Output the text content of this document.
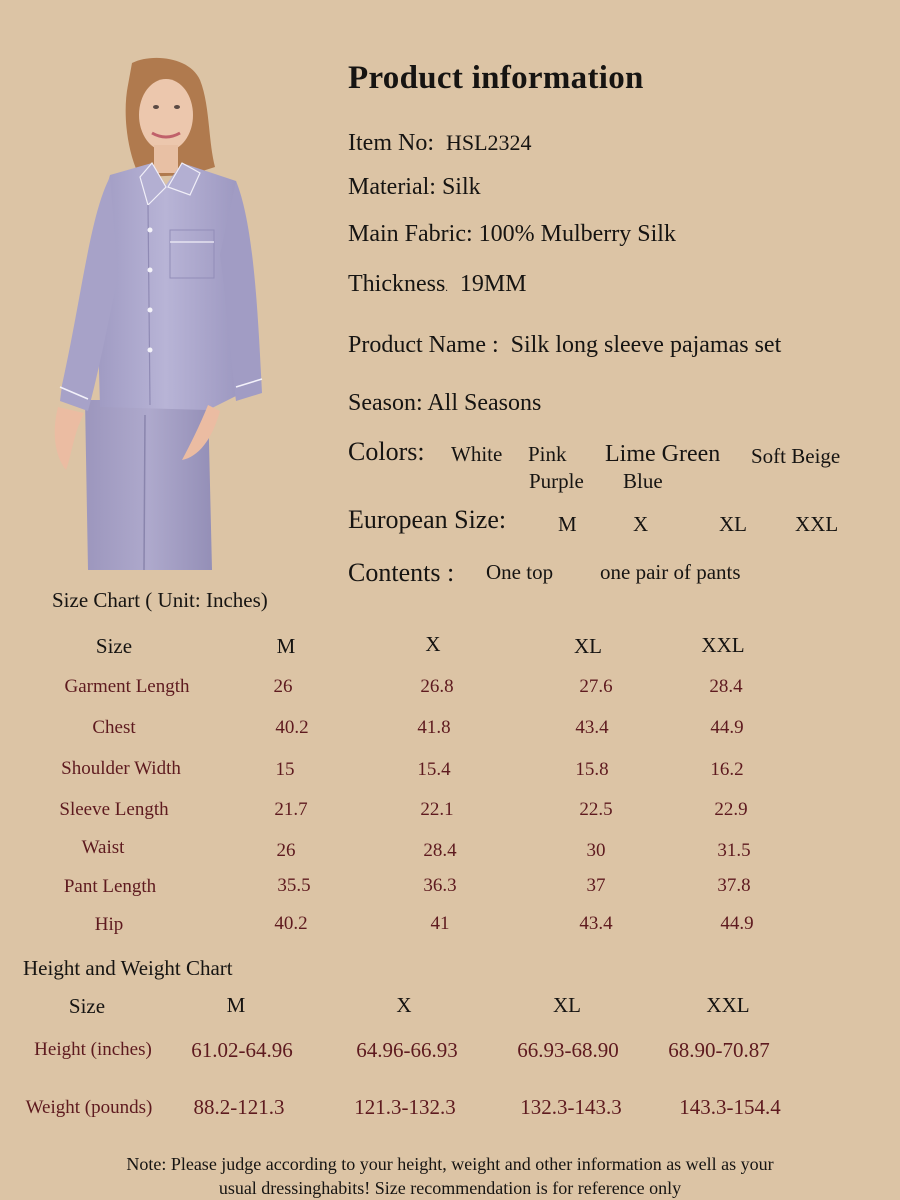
Product information
Item No: HSL2324
Material: Silk
Main Fabric: 100% Mulberry Silk
Thickness. 19MM
Product Name : Silk long sleeve pajamas set
Season: All Seasons
Colors: White Pink Lime Green Soft Beige
Purple Blue
European Size: M	X	XL XXL
Contents : One top one pair of pants
Size Chart ( Unit: Inches)
Size	M	X	XL	XXL
Garment Length	26	26.8	27.6	28.4
Chest	40.2	41.8	43.4	44.9
Shoulder Width	15	15.4	15.8	16.2
Sleeve Length	21.7	22.1	22.5	22.9
Waist	26	28.4	30	31.5
Pant Length	35.5	36.3	37	37.8
Hip	40.2	41	43.4	44.9
Height and Weight Chart
Size	M	X	XL	XXL
Height (inches) 61.02-64.96	64.96-66.93	66.93-68.90 68.90-70.87
Weight (pounds) 88.2-121.3	121.3-132.3	132.3-143.3	143.3-154.4
Note: Please judge according to your height, weight and other information as well as your
usual dressinghabits! Size recommendation is for reference only
